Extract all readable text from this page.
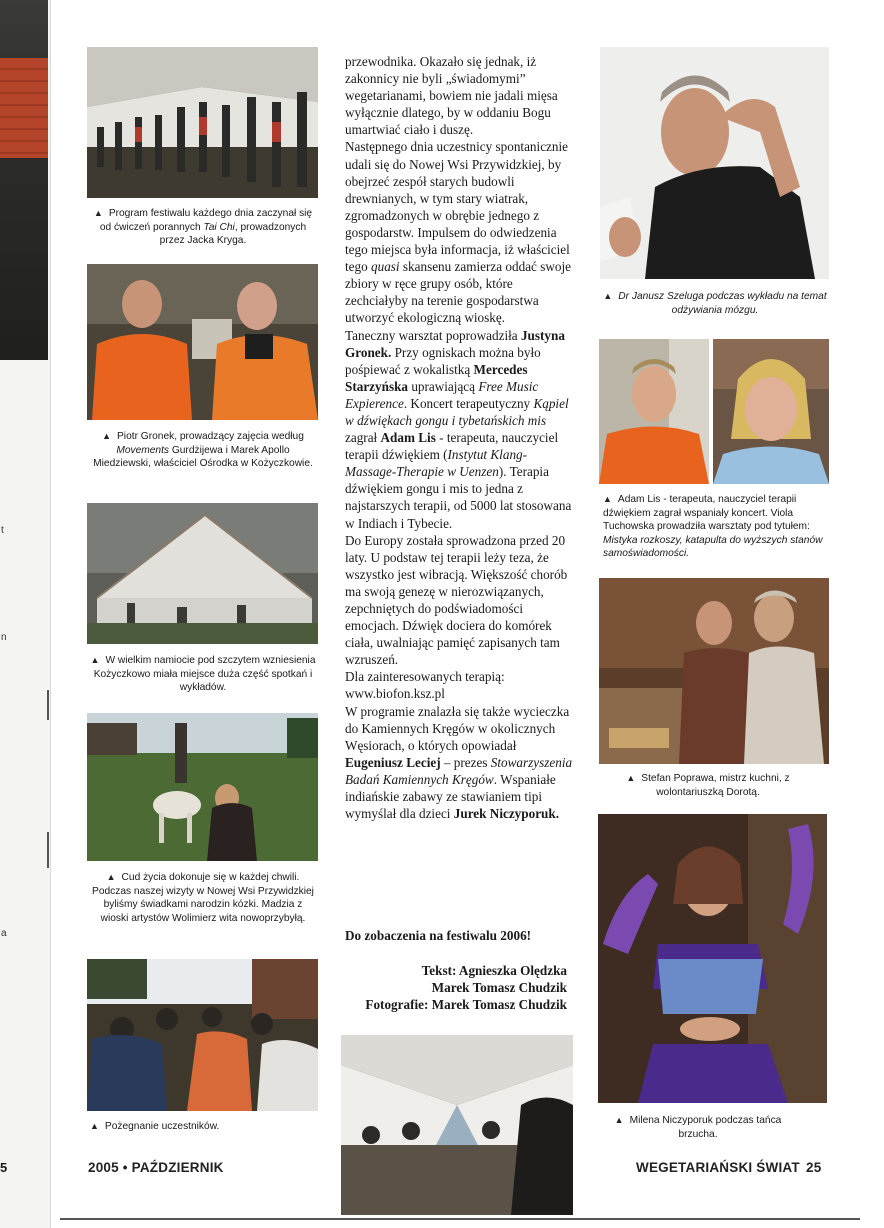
5
t
n
a
▲ Program festiwalu każdego dnia zaczynał się od ćwiczeń porannych Tai Chi, prowadzonych przez Jacka Kryga.
▲ Piotr Gronek, prowadzący zajęcia według Movements Gurdżijewa i Marek Apollo Miedziewski, właściciel Ośrodka w Kożyczkowie.
▲ W wielkim namiocie pod szczytem wzniesienia Kożyczkowo miała miejsce duża część spotkań i wykładów.
▲ Cud życia dokonuje się w każdej chwili. Podczas naszej wizyty w Nowej Wsi Przywidzkiej byliśmy świadkami narodzin kózki. Madzia z wioski artystów Wolimierz wita nowoprzybyłą.
▲ Pożegnanie uczestników.

przewodnika. Okazało się jednak, iż zakonnicy nie byli „świadomymi” wegetarianami, bowiem nie jadali mięsa wyłącznie dlatego, by w oddaniu Bogu umartwiać ciało i duszę.

Następnego dnia uczestnicy spontanicznie udali się do Nowej Wsi Przywidzkiej, by obejrzeć zespół starych budowli drewnianych, w tym stary wiatrak, zgromadzonych w obrębie jednego z gospodarstw. Impulsem do odwiedzenia tego miejsca była informacja, iż właściciel tego quasi skansenu zamierza oddać swoje zbiory w ręce grupy osób, które zechciałyby na terenie gospodarstwa utworzyć ekologiczną wioskę.

Taneczny warsztat poprowadziła Justyna Gronek. Przy ogniskach można było pośpiewać z wokalistką Mercedes Starzyńska uprawiającą Free Music Expierence. Koncert terapeutyczny Kąpiel w dźwiękach gongu i tybetańskich mis zagrał Adam Lis - terapeuta, nauczyciel terapii dźwiękiem (Instytut Klang-Massage-Therapie w Uenzen). Terapia dźwiękiem gongu i mis to jedna z najstarszych terapii, od 5000 lat stosowana w Indiach i Tybecie.

Do Europy została sprowadzona przed 20 laty. U podstaw tej terapii leży teza, że wszystko jest wibracją. Większość chorób ma swoją genezę w nierozwiązanych, zepchniętych do podświadomości emocjach. Dźwięk dociera do komórek ciała, uwalniając pamięć zapisanych tam wzruszeń.

Dla zainteresowanych terapią: www.biofon.ksz.pl

W programie znalazła się także wycieczka do Kamiennych Kręgów w okolicznych Węsiorach, o których opowiadał Eugeniusz Leciej – prezes Stowarzyszenia Badań Kamiennych Kręgów. Wspaniałe indiańskie zabawy ze stawianiem tipi wymyślał dla dzieci Jurek Niczyporuk.

Do zobaczenia na festiwalu 2006!
Tekst: Agnieszka Olędzka
Marek Tomasz Chudzik
Fotografie: Marek Tomasz Chudzik
▲ Dr Janusz Szeluga podczas wykładu na temat odżywiania mózgu.
▲ Adam Lis - terapeuta, nauczyciel terapii dźwiękiem zagrał wspaniały koncert. Viola Tuchowska prowadziła warsztaty pod tytułem: Mistyka rozkoszy, katapulta do wyższych stanów samoświadomości.
▲ Stefan Poprawa, mistrz kuchni, z wolontariuszką Dorotą.
▲ Milena Niczyporuk podczas tańca brzucha.
2005 • PAŹDZIERNIK	WEGETARIAŃSKI ŚWIAT 25
